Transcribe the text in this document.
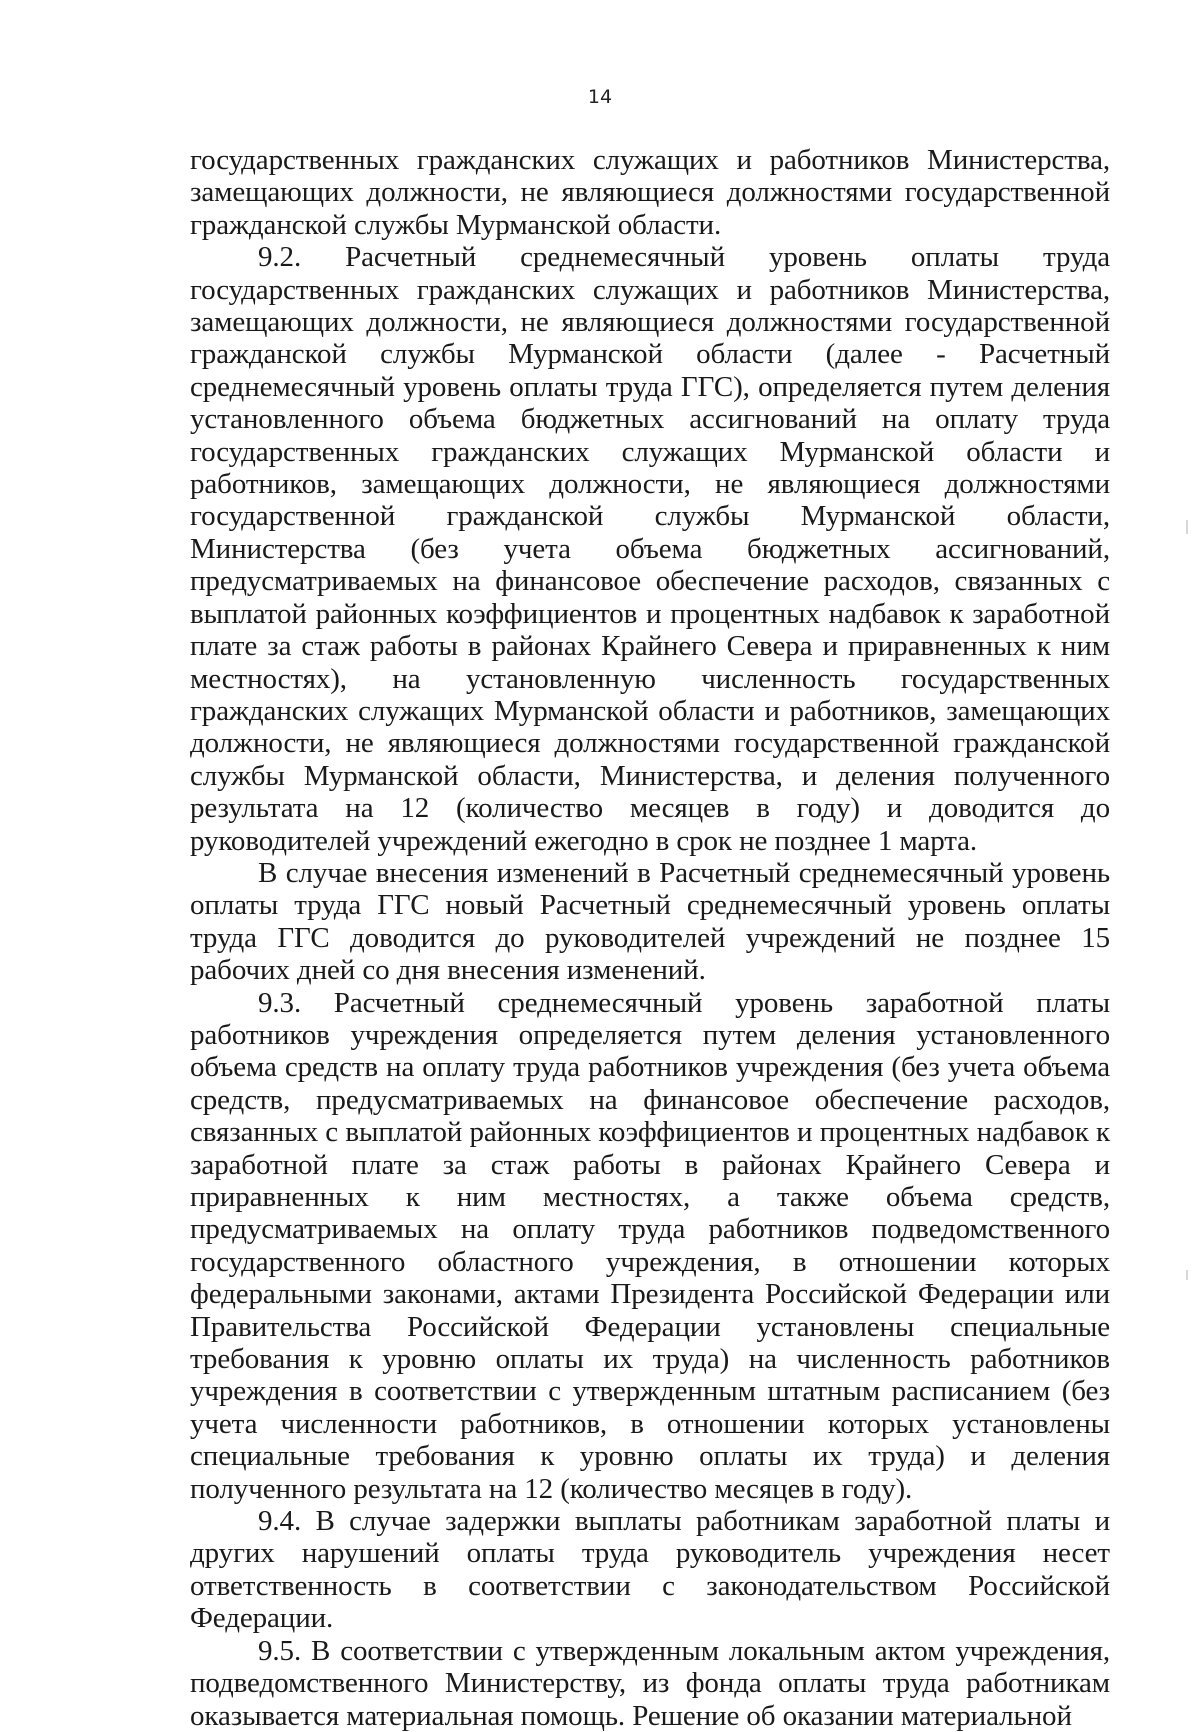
14

государственных гражданских служащих и работников Министерства, замещающих должности, не являющиеся должностями государственной гражданской службы Мурманской области.

9.2. Расчетный среднемесячный уровень оплаты труда государственных гражданских служащих и работников Министерства, замещающих должности, не являющиеся должностями государственной гражданской службы Мурманской области (далее - Расчетный среднемесячный уровень оплаты труда ГГС), определяется путем деления установленного объема бюджетных ассигнований на оплату труда государственных гражданских служащих Мурманской области и работников, замещающих должности, не являющиеся должностями государственной гражданской службы Мурманской области, Министерства (без учета объема бюджетных ассигнований, предусматриваемых на финансовое обеспечение расходов, связанных с выплатой районных коэффициентов и процентных надбавок к заработной плате за стаж работы в районах Крайнего Севера и приравненных к ним местностях), на установленную численность государственных гражданских служащих Мурманской области и работников, замещающих должности, не являющиеся должностями государственной гражданской службы Мурманской области, Министерства, и деления полученного результата на 12 (количество месяцев в году) и доводится до руководителей учреждений ежегодно в срок не позднее 1 марта.

В случае внесения изменений в Расчетный среднемесячный уровень оплаты труда ГГС новый Расчетный среднемесячный уровень оплаты труда ГГС доводится до руководителей учреждений не позднее 15 рабочих дней со дня внесения изменений.

9.3. Расчетный среднемесячный уровень заработной платы работников учреждения определяется путем деления установленного объема средств на оплату труда работников учреждения (без учета объема средств, предусматриваемых на финансовое обеспечение расходов, связанных с выплатой районных коэффициентов и процентных надбавок к заработной плате за стаж работы в районах Крайнего Севера и приравненных к ним местностях, а также объема средств, предусматриваемых на оплату труда работников подведомственного государственного областного учреждения, в отношении которых федеральными законами, актами Президента Российской Федерации или Правительства Российской Федерации установлены специальные требования к уровню оплаты их труда) на численность работников учреждения в соответствии с утвержденным штатным расписанием (без учета численности работников, в отношении которых установлены специальные требования к уровню оплаты их труда) и деления полученного результата на 12 (количество месяцев в году).

9.4. В случае задержки выплаты работникам заработной платы и других нарушений оплаты труда руководитель учреждения несет ответственность в соответствии с законодательством Российской Федерации.

9.5. В соответствии с утвержденным локальным актом учреждения, подведомственного Министерству, из фонда оплаты труда работникам оказывается материальная помощь. Решение об оказании материальной
